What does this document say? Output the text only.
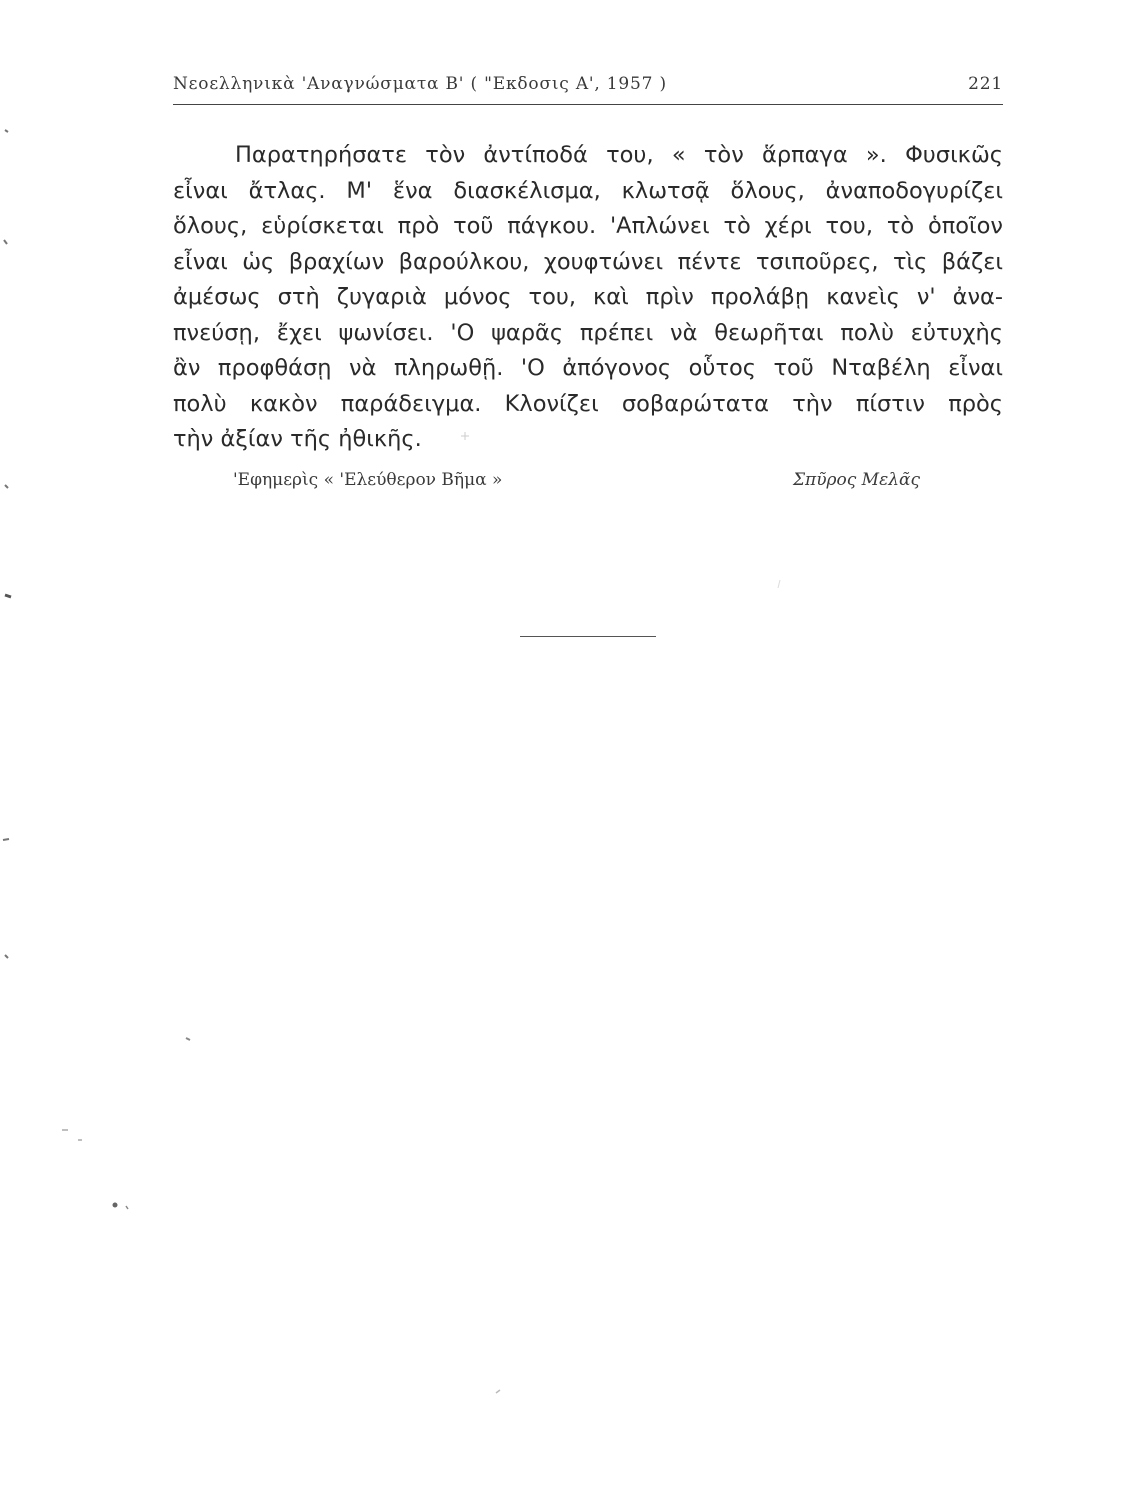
Νεοελληνικὰ 'Αναγνώσματα Β' ( "Εκδοσις Α', 1957 )	221
Παρατηρήσατε τὸν ἀντίποδά του, « τὸν ἅρπαγα ». Φυσικῶς
εἶναι ἄτλας. Μ' ἕνα διασκέλισμα, κλωτσᾷ ὅλους, ἀναποδογυρίζει
ὅλους, εὑρίσκεται πρὸ τοῦ πάγκου. 'Απλώνει τὸ χέρι του, τὸ ὁποῖον
εἶναι ὡς βραχίων βαρούλκου, χουφτώνει πέντε τσιποῦρες, τὶς βάζει
ἀμέσως στὴ ζυγαριὰ μόνος του, καὶ πρὶν προλάβῃ κανεὶς ν' ἀνα-
πνεύσῃ, ἔχει ψωνίσει. 'Ο ψαρᾶς πρέπει νὰ θεωρῆται πολὺ εὐτυχὴς
ἂν προφθάσῃ νὰ πληρωθῇ. 'Ο ἀπόγονος οὗτος τοῦ Νταβέλη εἶναι
πολὺ κακὸν παράδειγμα. Κλονίζει σοβαρώτατα τὴν πίστιν πρὸς
τὴν ἀξίαν τῆς ἠθικῆς.
'Εφημερὶς « 'Ελεύθερον Βῆμα »	Σπῦρος Μελᾶς
